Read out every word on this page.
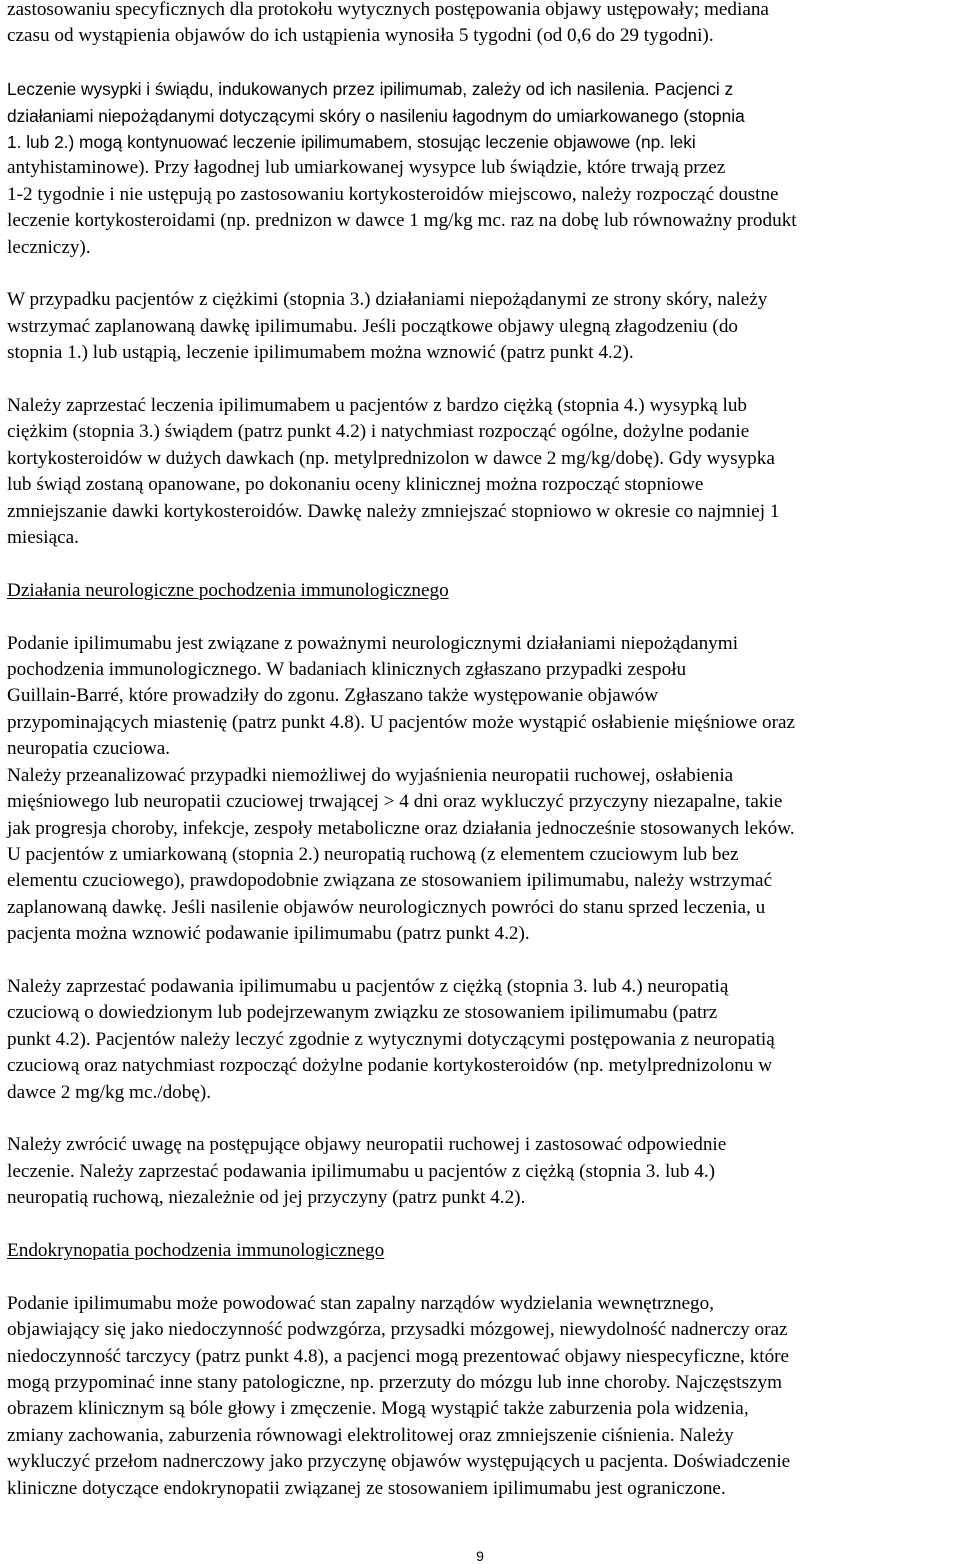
zastosowaniu specyficznych dla protokołu wytycznych postępowania objawy ustępowały; mediana
czasu od wystąpienia objawów do ich ustąpienia wynosiła 5 tygodni (od 0,6 do 29 tygodni).
Leczenie wysypki i świądu, indukowanych przez ipilimumab, zależy od ich nasilenia. Pacjenci z
działaniami niepożądanymi dotyczącymi skóry o nasileniu łagodnym do umiarkowanego (stopnia
1. lub 2.) mogą kontynuować leczenie ipilimumabem, stosując leczenie objawowe (np. leki
antyhistaminowe). Przy łagodnej lub umiarkowanej wysypce lub świądzie, które trwają przez
1-2 tygodnie i nie ustępują po zastosowaniu kortykosteroidów miejscowo, należy rozpocząć doustne
leczenie kortykosteroidami (np. prednizon w dawce 1 mg/kg mc. raz na dobę lub równoważny produkt
leczniczy).
W przypadku pacjentów z ciężkimi (stopnia 3.) działaniami niepożądanymi ze strony skóry, należy
wstrzymać zaplanowaną dawkę ipilimumabu. Jeśli początkowe objawy ulegną złagodzeniu (do
stopnia 1.) lub ustąpią, leczenie ipilimumabem można wznowić (patrz punkt 4.2).
Należy zaprzestać leczenia ipilimumabem u pacjentów z bardzo ciężką (stopnia 4.) wysypką lub
ciężkim (stopnia 3.) świądem (patrz punkt 4.2) i natychmiast rozpocząć ogólne, dożylne podanie
kortykosteroidów w dużych dawkach (np. metylprednizolon w dawce 2 mg/kg/dobę). Gdy wysypka
lub świąd zostaną opanowane, po dokonaniu oceny klinicznej można rozpocząć stopniowe
zmniejszanie dawki kortykosteroidów. Dawkę należy zmniejszać stopniowo w okresie co najmniej 1
miesiąca.
Działania neurologiczne pochodzenia immunologicznego
Podanie ipilimumabu jest związane z poważnymi neurologicznymi działaniami niepożądanymi
pochodzenia immunologicznego. W badaniach klinicznych zgłaszano przypadki zespołu
Guillain-Barré, które prowadziły do zgonu. Zgłaszano także występowanie objawów
przypominających miastenię (patrz punkt 4.8). U pacjentów może wystąpić osłabienie mięśniowe oraz
neuropatia czuciowa.
Należy przeanalizować przypadki niemożliwej do wyjaśnienia neuropatii ruchowej, osłabienia
mięśniowego lub neuropatii czuciowej trwającej > 4 dni oraz wykluczyć przyczyny niezapalne, takie
jak progresja choroby, infekcje, zespoły metaboliczne oraz działania jednocześnie stosowanych leków.
U pacjentów z umiarkowaną (stopnia 2.) neuropatią ruchową (z elementem czuciowym lub bez
elementu czuciowego), prawdopodobnie związana ze stosowaniem ipilimumabu, należy wstrzymać
zaplanowaną dawkę. Jeśli nasilenie objawów neurologicznych powróci do stanu sprzed leczenia, u
pacjenta można wznowić podawanie ipilimumabu (patrz punkt 4.2).
Należy zaprzestać podawania ipilimumabu u pacjentów z ciężką (stopnia 3. lub 4.) neuropatią
czuciową o dowiedzionym lub podejrzewanym związku ze stosowaniem ipilimumabu (patrz
punkt 4.2). Pacjentów należy leczyć zgodnie z wytycznymi dotyczącymi postępowania z neuropatią
czuciową oraz natychmiast rozpocząć dożylne podanie kortykosteroidów (np. metylprednizolonu w
dawce 2 mg/kg mc./dobę).
Należy zwrócić uwagę na postępujące objawy neuropatii ruchowej i zastosować odpowiednie
leczenie. Należy zaprzestać podawania ipilimumabu u pacjentów z ciężką (stopnia 3. lub 4.)
neuropatią ruchową, niezależnie od jej przyczyny (patrz punkt 4.2).
Endokrynopatia pochodzenia immunologicznego
Podanie ipilimumabu może powodować stan zapalny narządów wydzielania wewnętrznego,
objawiający się jako niedoczynność podwzgórza, przysadki mózgowej, niewydolność nadnerczy oraz
niedoczynność tarczycy (patrz punkt 4.8), a pacjenci mogą prezentować objawy niespecyficzne, które
mogą przypominać inne stany patologiczne, np. przerzuty do mózgu lub inne choroby. Najczęstszym
obrazem klinicznym są bóle głowy i zmęczenie. Mogą wystąpić także zaburzenia pola widzenia,
zmiany zachowania, zaburzenia równowagi elektrolitowej oraz zmniejszenie ciśnienia. Należy
wykluczyć przełom nadnerczowy jako przyczynę objawów występujących u pacjenta. Doświadczenie
kliniczne dotyczące endokrynopatii związanej ze stosowaniem ipilimumabu jest ograniczone.
9
